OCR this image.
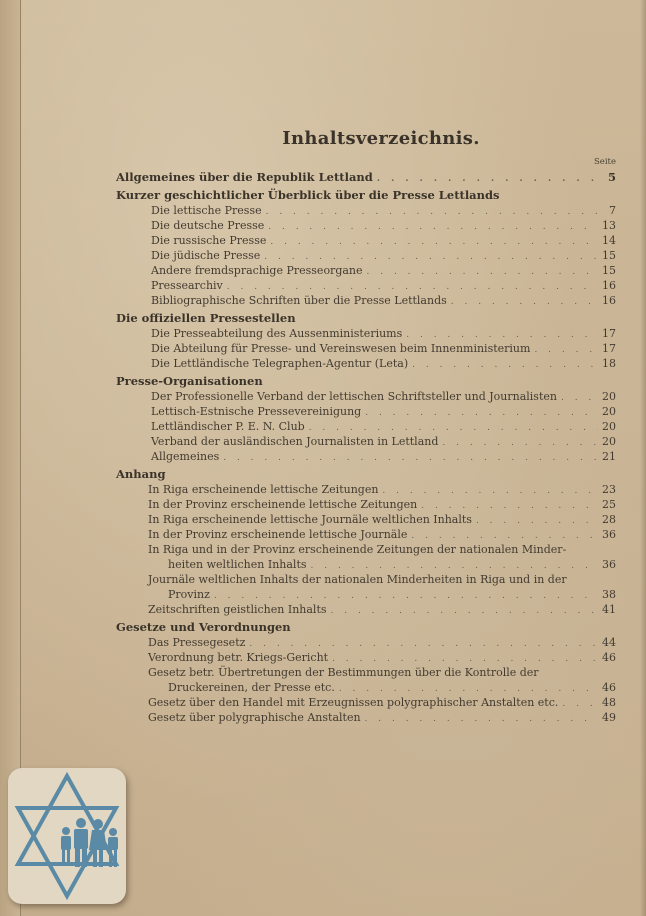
Inhaltsverzeichnis.
Seite
Allgemeines über die Republik Lettland . . .	5
Kurzer geschichtlicher Überblick über die Presse Lettlands
Die lettische Presse . . .	7
Die deutsche Presse . . .	13
Die russische Presse . . .	14
Die jüdische Presse . . .	15
Andere fremdsprachige Presseorgane . . .	15
Pressearchiv . . .	16
Bibliographische Schriften über die Presse Lettlands . . .	16
Die offiziellen Pressestellen
Die Presseabteilung des Aussenministeriums . . .	17
Die Abteilung für Presse- und Vereinswesen beim Innenministerium . . .	17
Die Lettländische Telegraphen-Agentur (Leta) . . .	18
Presse-Organisationen
Der Professionelle Verband der lettischen Schriftsteller und Journalisten . . .	20
Lettisch-Estnische Pressevereinigung . . .	20
Lettländischer P. E. N. Club . . .	20
Verband der ausländischen Journalisten in Lettland . . .	20
Allgemeines . . .	21
Anhang
In Riga erscheinende lettische Zeitungen . . .	23
In der Provinz erscheinende lettische Zeitungen . . .	25
In Riga erscheinende lettische Journäle weltlichen Inhalts . . .	28
In der Provinz erscheinende lettische Journäle . . .	36
In Riga und in der Provinz erscheinende Zeitungen der nationalen Minder-
heiten weltlichen Inhalts . . .	36
Journäle weltlichen Inhalts der nationalen Minderheiten in Riga und in der
Provinz . . .	38
Zeitschriften geistlichen Inhalts . . .	41
Gesetze und Verordnungen
Das Pressegesetz . . .	44
Verordnung betr. Kriegs-Gericht . . .	46
Gesetz betr. Übertretungen der Bestimmungen über die Kontrolle der
Druckereinen, der Presse etc. . . .	46
Gesetz über den Handel mit Erzeugnissen polygraphischer Anstalten etc. . . .	48
Gesetz über polygraphische Anstalten . . .	49
